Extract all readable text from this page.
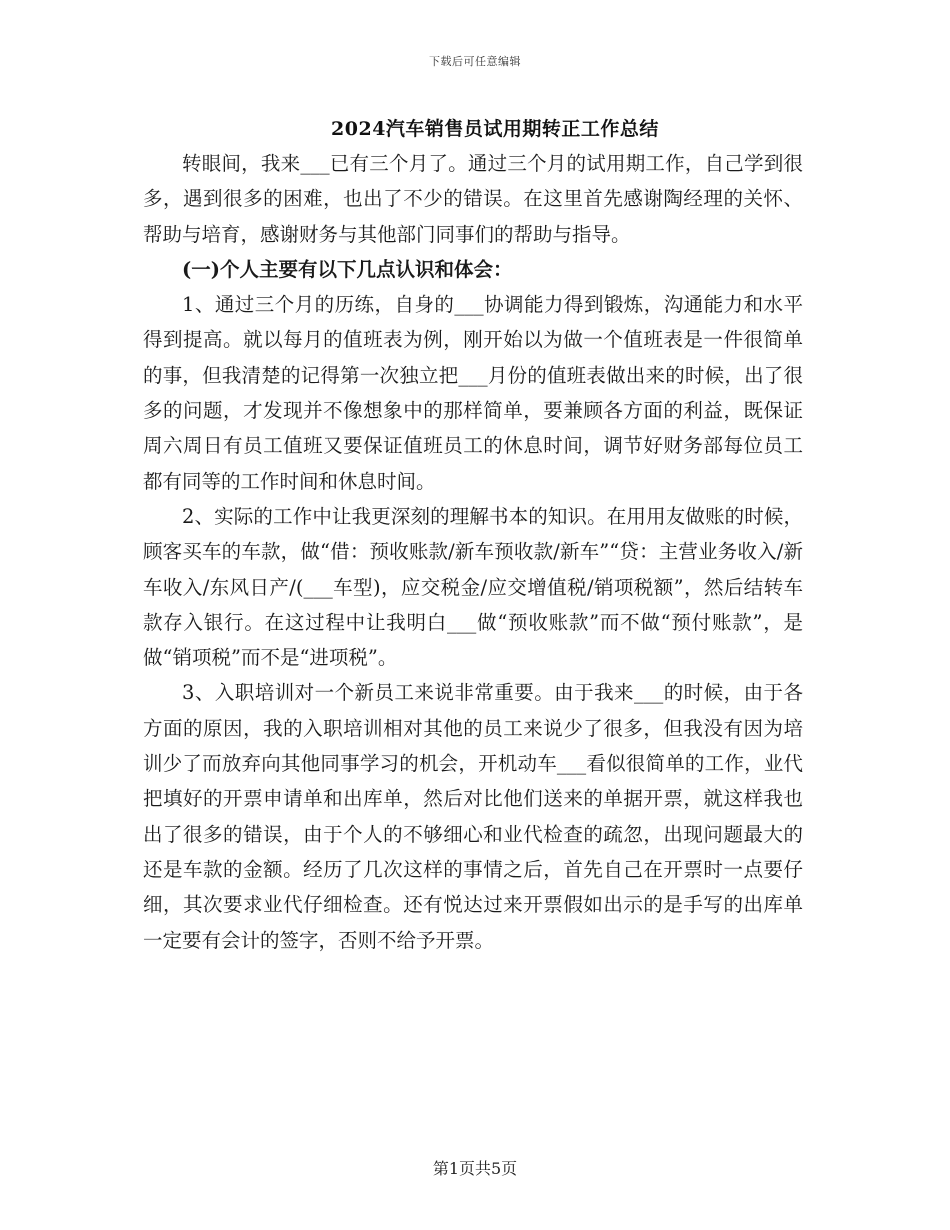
下载后可任意编辑
2024汽车销售员试用期转正工作总结

转眼间，我来___已有三个月了。通过三个月的试用期工作，自己学到很多，遇到很多的困难，也出了不少的错误。在这里首先感谢陶经理的关怀、帮助与培育，感谢财务与其他部门同事们的帮助与指导。

(一)个人主要有以下几点认识和体会：

1、通过三个月的历练，自身的___协调能力得到锻炼，沟通能力和水平得到提高。就以每月的值班表为例，刚开始以为做一个值班表是一件很简单的事，但我清楚的记得第一次独立把___月份的值班表做出来的时候，出了很多的问题，才发现并不像想象中的那样简单，要兼顾各方面的利益，既保证周六周日有员工值班又要保证值班员工的休息时间，调节好财务部每位员工都有同等的工作时间和休息时间。

2、实际的工作中让我更深刻的理解书本的知识。在用用友做账的时候，顾客买车的车款，做“借：预收账款/新车预收款/新车”“贷：主营业务收入/新车收入/东风日产/(___车型)，应交税金/应交增值税/销项税额”，然后结转车款存入银行。在这过程中让我明白___做“预收账款”而不做“预付账款”，是做“销项税”而不是“进项税”。

3、入职培训对一个新员工来说非常重要。由于我来___的时候，由于各方面的原因，我的入职培训相对其他的员工来说少了很多，但我没有因为培训少了而放弃向其他同事学习的机会，开机动车___看似很简单的工作，业代把填好的开票申请单和出库单，然后对比他们送来的单据开票，就这样我也出了很多的错误，由于个人的不够细心和业代检查的疏忽，出现问题最大的还是车款的金额。经历了几次这样的事情之后，首先自己在开票时一点要仔细，其次要求业代仔细检查。还有悦达过来开票假如出示的是手写的出库单一定要有会计的签字，否则不给予开票。

第1页共5页
